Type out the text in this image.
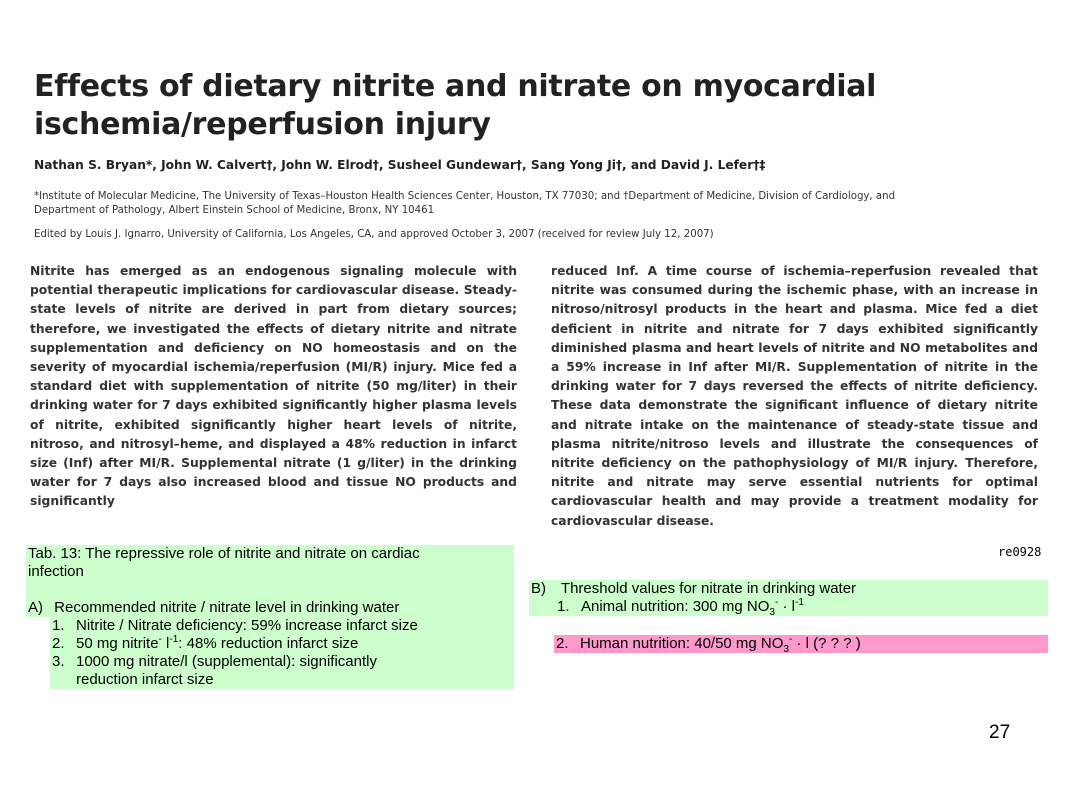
Effects of dietary nitrite and nitrate on myocardial ischemia/reperfusion injury
Nathan S. Bryan*, John W. Calvert†, John W. Elrod†, Susheel Gundewar†, Sang Yong Ji†, and David J. Lefer†‡
*Institute of Molecular Medicine, The University of Texas–Houston Health Sciences Center, Houston, TX 77030; and †Department of Medicine, Division of Cardiology, and Department of Pathology, Albert Einstein School of Medicine, Bronx, NY 10461
Edited by Louis J. Ignarro, University of California, Los Angeles, CA, and approved October 3, 2007 (received for review July 12, 2007)

Nitrite has emerged as an endogenous signaling molecule with potential therapeutic implications for cardiovascular disease. Steady-state levels of nitrite are derived in part from dietary sources; therefore, we investigated the effects of dietary nitrite and nitrate supplementation and deficiency on NO homeostasis and on the severity of myocardial ischemia/reperfusion (MI/R) injury. Mice fed a standard diet with supplementation of nitrite (50 mg/liter) in their drinking water for 7 days exhibited significantly higher plasma levels of nitrite, exhibited significantly higher heart levels of nitrite, nitroso, and nitrosyl–heme, and displayed a 48% reduction in infarct size (Inf) after MI/R. Supplemental nitrate (1 g/liter) in the drinking water for 7 days also increased blood and tissue NO products and significantly

reduced Inf. A time course of ischemia–reperfusion revealed that nitrite was consumed during the ischemic phase, with an increase in nitroso/nitrosyl products in the heart and plasma. Mice fed a diet deficient in nitrite and nitrate for 7 days exhibited significantly diminished plasma and heart levels of nitrite and NO metabolites and a 59% increase in Inf after MI/R. Supplementation of nitrite in the drinking water for 7 days reversed the effects of nitrite deficiency. These data demonstrate the significant influence of dietary nitrite and nitrate intake on the maintenance of steady-state tissue and plasma nitrite/nitroso levels and illustrate the consequences of nitrite deficiency on the pathophysiology of MI/R injury. Therefore, nitrite and nitrate may serve essential nutrients for optimal cardiovascular health and may provide a treatment modality for cardiovascular disease.

Tab. 13: The repressive role of nitrite and nitrate on cardiac
infection
A) Recommended nitrite / nitrate level in drinking water
1. Nitrite / Nitrate deficiency: 59% increase infarct size
2. 50 mg nitrite- $l^{-1}$: 48% reduction infarct size
3. 1000 mg nitrate/l (supplemental): significantly
reduction infarct size
re0928
B) Threshold values for nitrate in drinking water
1. Animal nutrition: 300 mg $NO_3^- \cdot l^{-1}$
2. Human nutrition: 40/50 mg $NO_3^- \cdot l$ (? ? ? )
27
